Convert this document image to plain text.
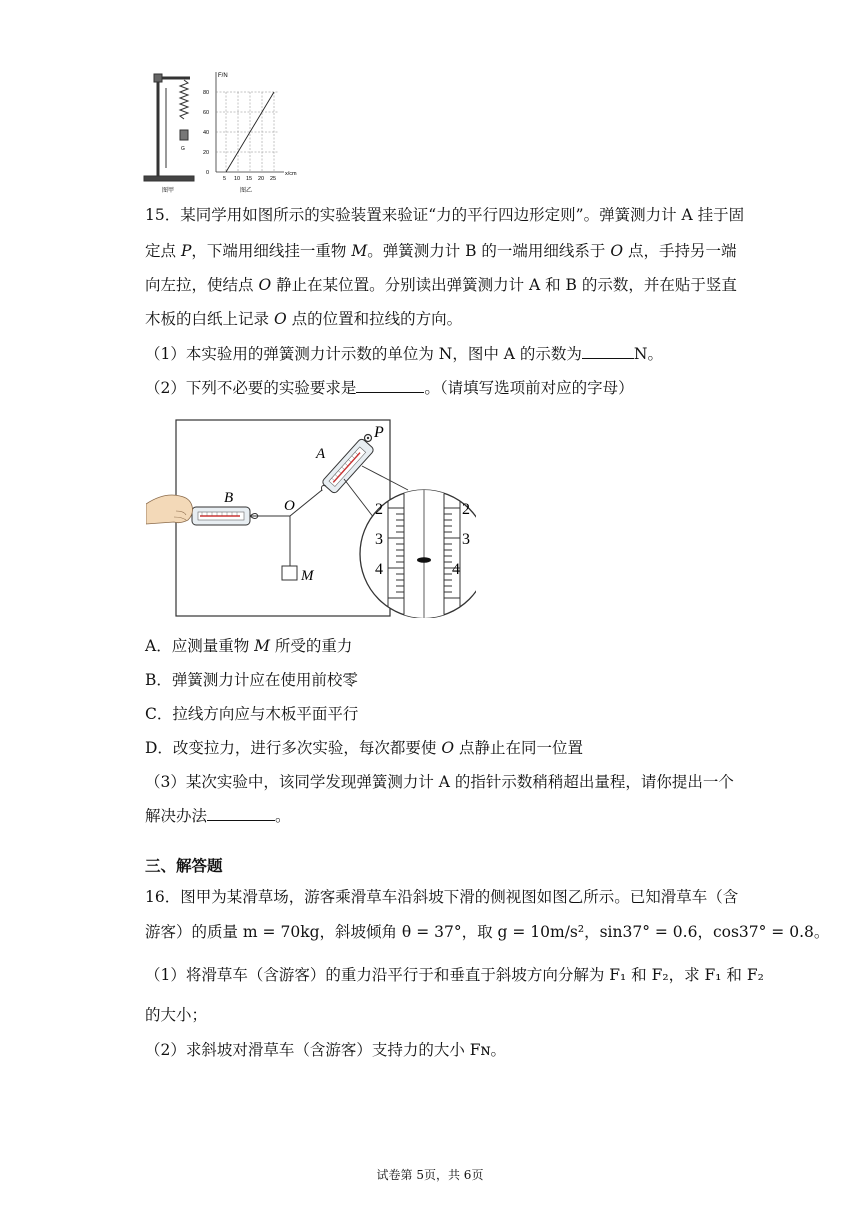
G
图甲
F/N
x/cm
80
60
40
20
0
5 10 15 20 25
图乙
15．某同学用如图所示的实验装置来验证“力的平行四边形定则”。弹簧测力计 A 挂于固
定点 P，下端用细线挂一重物 M。弹簧测力计 B 的一端用细线系于 O 点，手持另一端
向左拉，使结点 O 静止在某位置。分别读出弹簧测力计 A 和 B 的示数，并在贴于竖直
木板的白纸上记录 O 点的位置和拉线的方向。
（1）本实验用的弹簧测力计示数的单位为 N，图中 A 的示数为	N。
（2）下列不必要的实验要求是	。（请填写选项前对应的字母）
P
A
O
M
B
2	2
3	3
4	4
A．应测量重物 M 所受的重力
B．弹簧测力计应在使用前校零
C．拉线方向应与木板平面平行
D．改变拉力，进行多次实验，每次都要使 O 点静止在同一位置
（3）某次实验中，该同学发现弹簧测力计 A 的指针示数稍稍超出量程，请你提出一个
解决办法	。
三、解答题
16．图甲为某滑草场，游客乘滑草车沿斜坡下滑的侧视图如图乙所示。已知滑草车（含
游客）的质量 m = 70kg，斜坡倾角 θ = 37°，取 g = 10m/s²，sin37° = 0.6，cos37° = 0.8。
（1）将滑草车（含游客）的重力沿平行于和垂直于斜坡方向分解为 F₁ 和 F₂，求 F₁ 和 F₂
的大小；
（2）求斜坡对滑草车（含游客）支持力的大小 Fɴ。
试卷第 5页，共 6页
